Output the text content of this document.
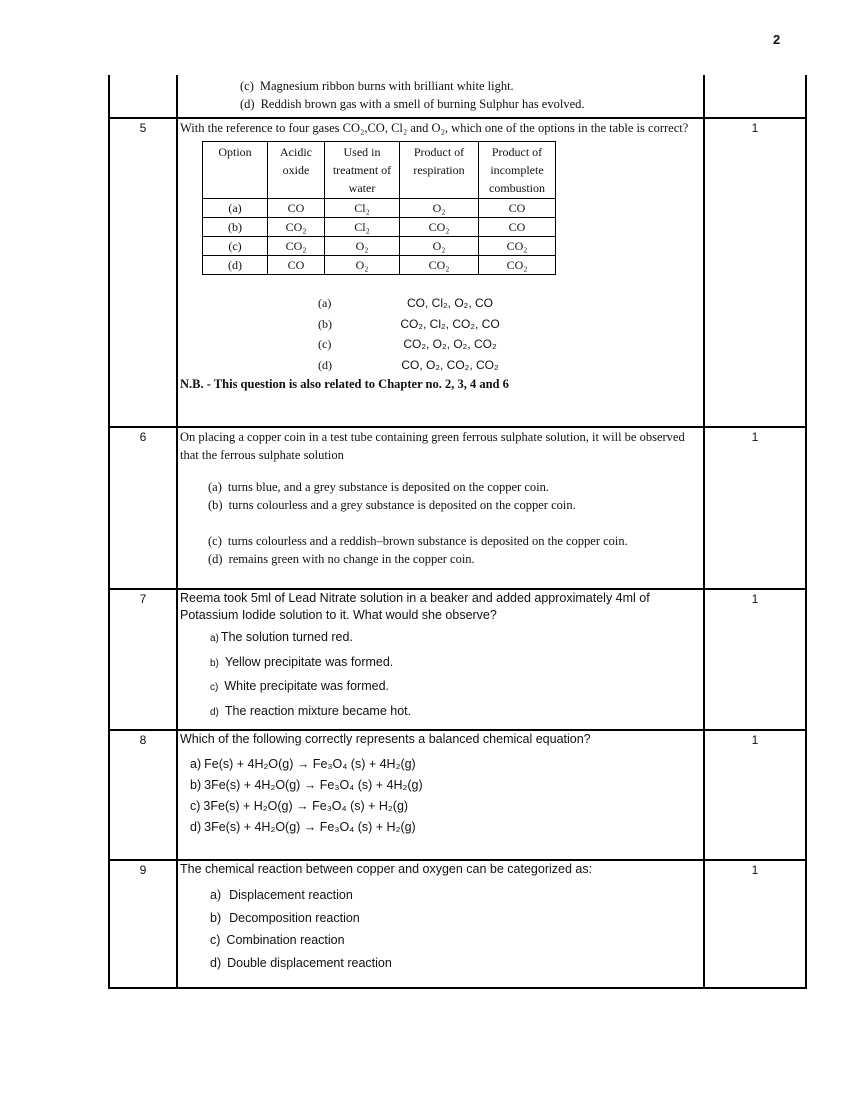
2

(c) Magnesium ribbon burns with brilliant white light.
(d) Reddish brown gas with a smell of burning Sulphur has evolved.

5	With the reference to four gases CO₂,CO, Cl₂ and O₂, which one of the options in the table is correct?
Option	Acidic oxide	Used in treatment of water	Product of respiration	Product of incomplete combustion
(a)	CO	Cl₂	O₂	CO
(b)	CO₂	Cl₂	CO₂	CO
(c)	CO₂	O₂	O₂	CO₂
(d)	CO	O₂	CO₂	CO₂
(a)	CO, Cl₂, O₂, CO
(b)	CO₂, Cl₂, CO₂, CO
(c)	CO₂, O₂, O₂, CO₂
(d)	CO, O₂, CO₂, CO₂
N.B. - This question is also related to Chapter no. 2, 3, 4 and 6
	1
6	On placing a copper coin in a test tube containing green ferrous sulphate solution, it will be observed that the ferrous sulphate solution
(a) turns blue, and a grey substance is deposited on the copper coin.
(b) turns colourless and a grey substance is deposited on the copper coin.
(c) turns colourless and a reddish–brown substance is deposited on the copper coin.
(d) remains green with no change in the copper coin.
	1
7	Reema took 5ml of Lead Nitrate solution in a beaker and added approximately 4ml of Potassium Iodide solution to it. What would she observe?
a) The solution turned red.
b) Yellow precipitate was formed.
c) White precipitate was formed.
d) The reaction mixture became hot.
	1
8	Which of the following correctly represents a balanced chemical equation?
a) Fe(s) + 4H₂O(g) → Fe₃O₄ (s) + 4H₂(g)
b) 3Fe(s) + 4H₂O(g) → Fe₃O₄ (s) + 4H₂(g)
c) 3Fe(s) + H₂O(g) → Fe₃O₄ (s) + H₂(g)
d) 3Fe(s) + 4H₂O(g) → Fe₃O₄ (s) + H₂(g)
	1
9	The chemical reaction between copper and oxygen can be categorized as:
a) Displacement reaction
b) Decomposition reaction
c) Combination reaction
d) Double displacement reaction
	1
